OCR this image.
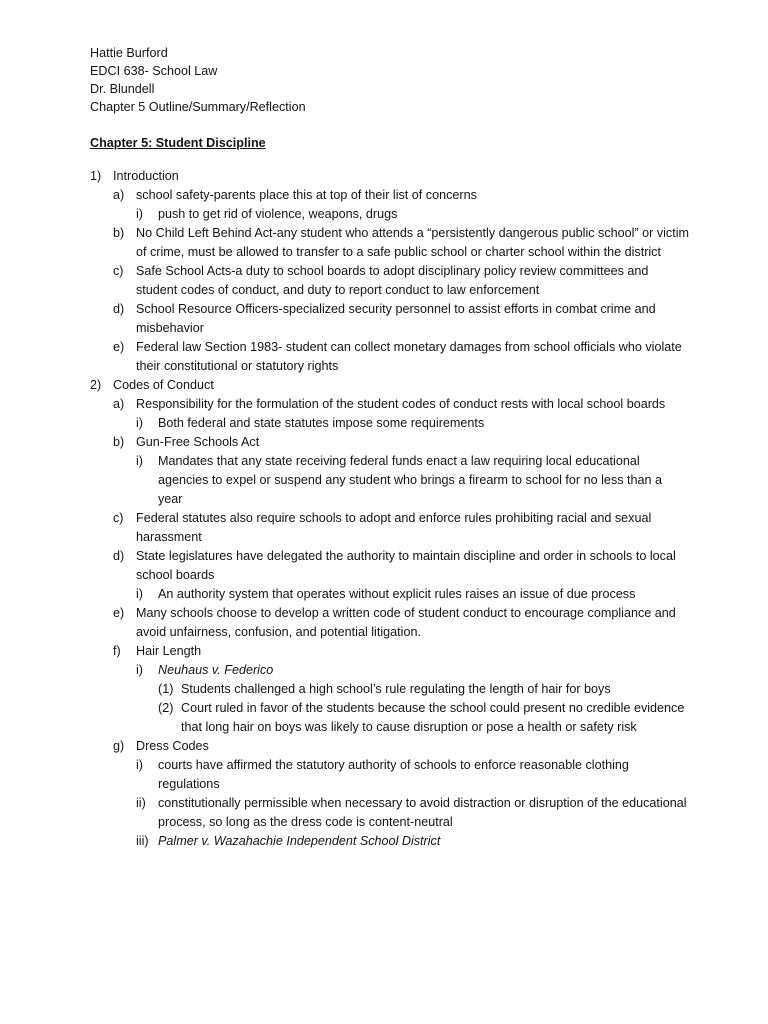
Hattie Burford
EDCI 638- School Law
Dr. Blundell
Chapter 5 Outline/Summary/Reflection
Chapter 5: Student Discipline
1) Introduction
a) school safety-parents place this at top of their list of concerns
i) push to get rid of violence, weapons, drugs
b) No Child Left Behind Act-any student who attends a “persistently dangerous public school” or victim of crime, must be allowed to transfer to a safe public school or charter school within the district
c) Safe School Acts-a duty to school boards to adopt disciplinary policy review committees and student codes of conduct, and duty to report conduct to law enforcement
d) School Resource Officers-specialized security personnel to assist efforts in combat crime and misbehavior
e) Federal law Section 1983- student can collect monetary damages from school officials who violate their constitutional or statutory rights
2) Codes of Conduct
a) Responsibility for the formulation of the student codes of conduct rests with local school boards
i) Both federal and state statutes impose some requirements
b) Gun-Free Schools Act
i) Mandates that any state receiving federal funds enact a law requiring local educational agencies to expel or suspend any student who brings a firearm to school for no less than a year
c) Federal statutes also require schools to adopt and enforce rules prohibiting racial and sexual harassment
d) State legislatures have delegated the authority to maintain discipline and order in schools to local school boards
i) An authority system that operates without explicit rules raises an issue of due process
e) Many schools choose to develop a written code of student conduct to encourage compliance and avoid unfairness, confusion, and potential litigation.
f) Hair Length
i) Neuhaus v. Federico
(1) Students challenged a high school’s rule regulating the length of hair for boys
(2) Court ruled in favor of the students because the school could present no credible evidence that long hair on boys was likely to cause disruption or pose a health or safety risk
g) Dress Codes
i) courts have affirmed the statutory authority of schools to enforce reasonable clothing regulations
ii) constitutionally permissible when necessary to avoid distraction or disruption of the educational process, so long as the dress code is content-neutral
iii) Palmer v. Wazahachie Independent School District
